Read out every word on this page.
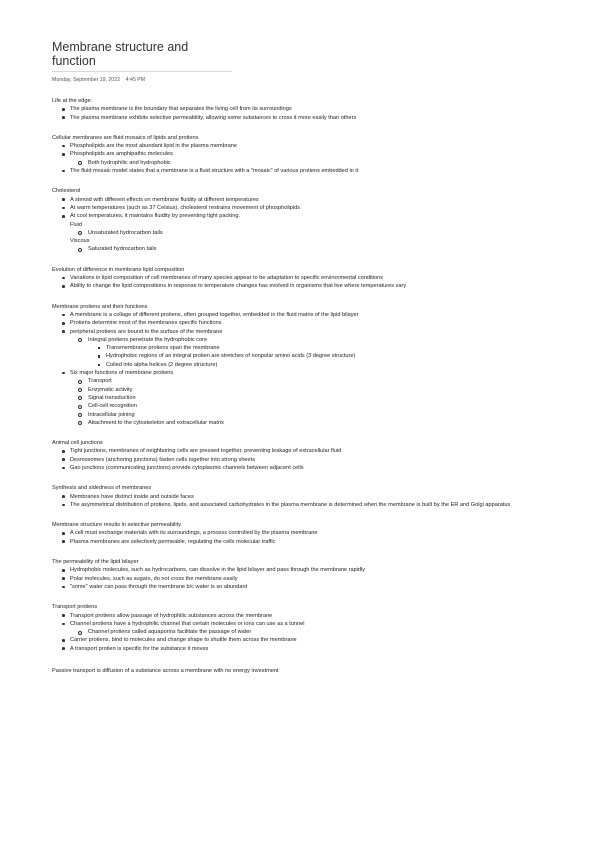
Membrane structure and function
Monday, September 19, 2022 4:45 PM
Life at the edge:
The plasma membrane is the boundary that separates the living cell from its surroundings
The plasma membrane exhibits selective permeability, allowing some substances to cross it more easily than others
Cellular membranes are fluid mosaics of lipids and protiens
Phospholipids are the most abundant lipid in the plasma membrane
Phospholipids are amphipathic molecules
Both hydrophilic and hydrophobic
The fluid mosaic model states that a membrane is a fluid structure with a "mosaic" of various protiens embedded in it
Cholesterol
A steroid with different effects on membrane fluidity at different temperatures
At warm temperatures (such as 37 Celsius), cholesterol restrains movement of phospholipids
At cool temperatures, it maintains fluidity by preventing tight packing.
Fluid
Unsaturated hydrocarbon tails
Viscous
Saturated hydrocarbon tails
Evolution of difference in membrane lipid composition
Variations in lipid composition of cell membranes of many species appear to be adaptation to specific environmental conditions
Ability to change the lipid compositions in response to temperature changes has evolved in organisms that live where temperatures vary
Membrane protiens and their functions
A membrane is a collage of different protiens, often grouped together, embedded in the fluid matrix of the lipid bilayer
Protiens determine most of the membranes specific functions
peripheral protiens are bound to the surface of the membrane
Integral protiens penetrate the hydrophobic core
Transmembrane protiens span the membrane
Hydrophobic regions of an integral protien are stretches of nonpolar amino acids (3 degree structure)
Coiled into alpha helices (2 degree structure)
Six major functions of membrane protiens
Transport
Enzymatic activity
Signal transduction
Cell-cell recognition
Intracellular joining
Attachment to the cytoskeleton and extracellular matrix
Animal cell junctions
Tight junctions, membranes of neighboring cells are pressed together, preventing leakage of extracellular fluid
Desmosomes (anchoring junctions) fasten cells together into strong sheets
Gao junctions (communicating junctions) provide cytoplasmic channels between adjacent cells
Synthesis and sidedness of membranes
Membranes have distinct inside and outside faces
The asymmetrical distribution of protiens, lipids, and associated carbohydrates in the plasma membrane is determined when the membrane is built by the ER and Golgi apparatus
Membrane structure results in selective permeability
A cell must exchange materials with its surroundings, a process controlled by the plasma membrane
Plasma membranes are selectively permeable, regulating the cells molecular traffic
The permeability of the lipid bilayer
Hydrophobic molecules, such as hydrocarbons, can dissolve in the lipid bilayer and pass through the membrane rapidly
Polar molecules, such as sugars, do not cross the membrane easily
"some" water can pass through the membrane b/c water is so abundant
Transport protiens
Transport protiens allow passage of hydrophilic substances across the membrane
Channel protiens have a hydrophilic channel that certain molecules or ions can use as a tunnel
Channel protiens called aquaporins facilitate the passage of water
Carrier protiens, bind to molecules and change shape to shuttle them across the membrane
A transport protien is specific for the substance it moves
Passive transport is diffusion of a substance across a membrane with no energy investment
